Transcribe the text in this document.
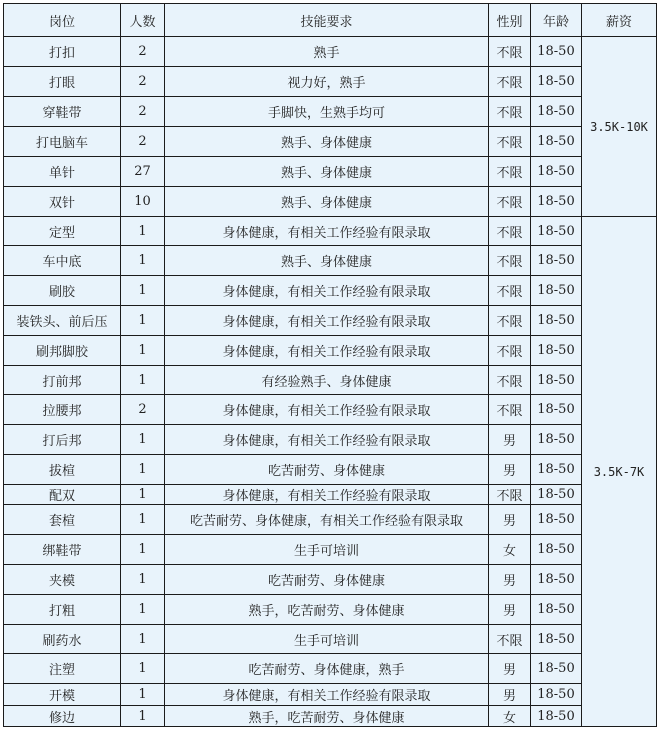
岗位	人数	技能要求	性别	年龄	薪资
打扣	2	熟手	不限	18-50	3.5K-10K
打眼	2	视力好，熟手	不限	18-50	
穿鞋带	2	手脚快，生熟手均可	不限	18-50	
打电脑车	2	熟手、身体健康	不限	18-50	
单针	27	熟手、身体健康	不限	18-50	
双针	10	熟手、身体健康	不限	18-50	
定型	1	身体健康，有相关工作经验有限录取	不限	18-50	3.5K-7K
车中底	1	熟手、身体健康	不限	18-50	
刷胶	1	身体健康，有相关工作经验有限录取	不限	18-50	
装铁头、前后压	1	身体健康，有相关工作经验有限录取	不限	18-50	
刷邦脚胶	1	身体健康，有相关工作经验有限录取	不限	18-50	
打前邦	1	有经验熟手、身体健康	不限	18-50	
拉腰邦	2	身体健康，有相关工作经验有限录取	不限	18-50	
打后邦	1	身体健康，有相关工作经验有限录取	男	18-50	
拔楦	1	吃苦耐劳、身体健康	男	18-50	
配双	1	身体健康，有相关工作经验有限录取	不限	18-50	
套楦	1	吃苦耐劳、身体健康，有相关工作经验有限录取	男	18-50	
绑鞋带	1	生手可培训	女	18-50	
夹模	1	吃苦耐劳、身体健康	男	18-50	
打粗	1	熟手，吃苦耐劳、身体健康	男	18-50	
刷药水	1	生手可培训	不限	18-50	
注塑	1	吃苦耐劳、身体健康，熟手	男	18-50	
开模	1	身体健康，有相关工作经验有限录取	男	18-50	
修边	1	熟手，吃苦耐劳、身体健康	女	18-50	
